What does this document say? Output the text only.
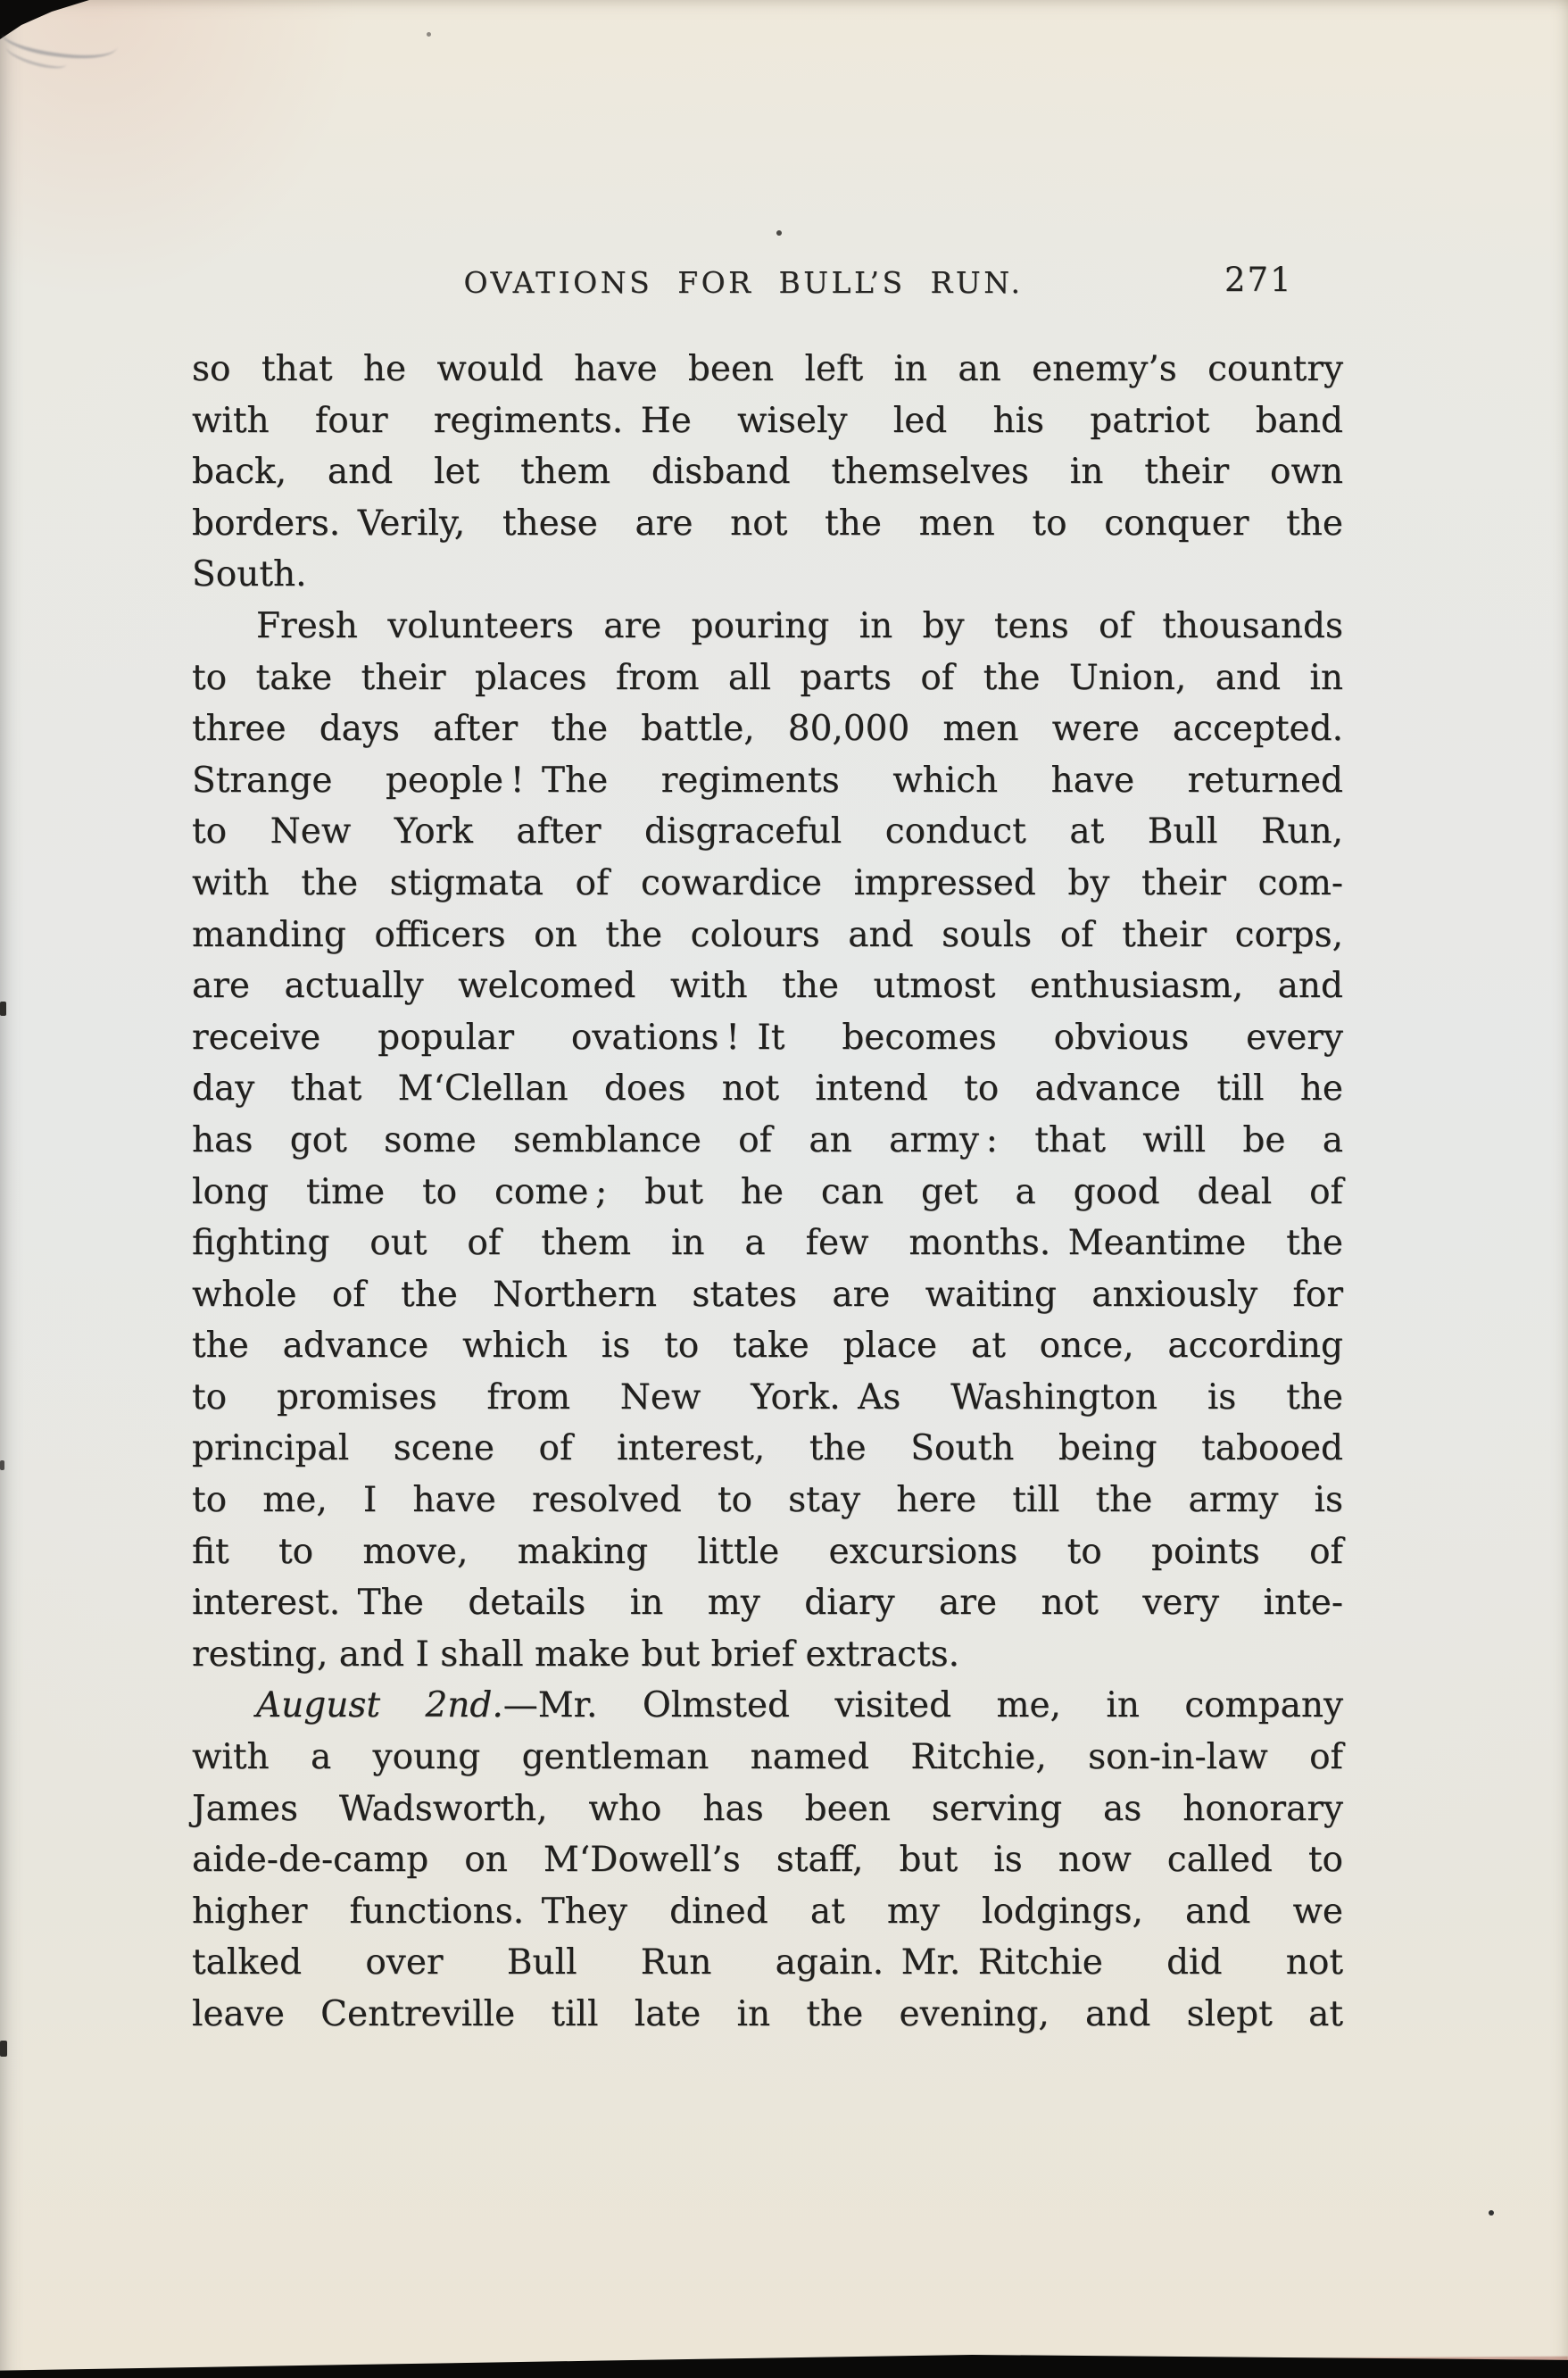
OVATIONS FOR BULL’S RUN.	271
so that he would have been left in an enemy’s country
with four regiments. He wisely led his patriot band
back, and let them disband themselves in their own
borders. Verily, these are not the men to conquer the
South.
Fresh volunteers are pouring in by tens of thousands
to take their places from all parts of the Union, and in
three days after the battle, 80,000 men were accepted.
Strange people ! The regiments which have returned
to New York after disgraceful conduct at Bull Run,
with the stigmata of cowardice impressed by their com-
manding officers on the colours and souls of their corps,
are actually welcomed with the utmost enthusiasm, and
receive popular ovations ! It becomes obvious every
day that M‘Clellan does not intend to advance till he
has got some semblance of an army : that will be a
long time to come ; but he can get a good deal of
fighting out of them in a few months. Meantime the
whole of the Northern states are waiting anxiously for
the advance which is to take place at once, according
to promises from New York. As Washington is the
principal scene of interest, the South being tabooed
to me, I have resolved to stay here till the army is
fit to move, making little excursions to points of
interest. The details in my diary are not very inte-
resting, and I shall make but brief extracts.
August 2nd.—Mr. Olmsted visited me, in company
with a young gentleman named Ritchie, son-in-law of
James Wadsworth, who has been serving as honorary
aide-de-camp on M‘Dowell’s staff, but is now called to
higher functions. They dined at my lodgings, and we
talked over Bull Run again. Mr. Ritchie did not
leave Centreville till late in the evening, and slept at
